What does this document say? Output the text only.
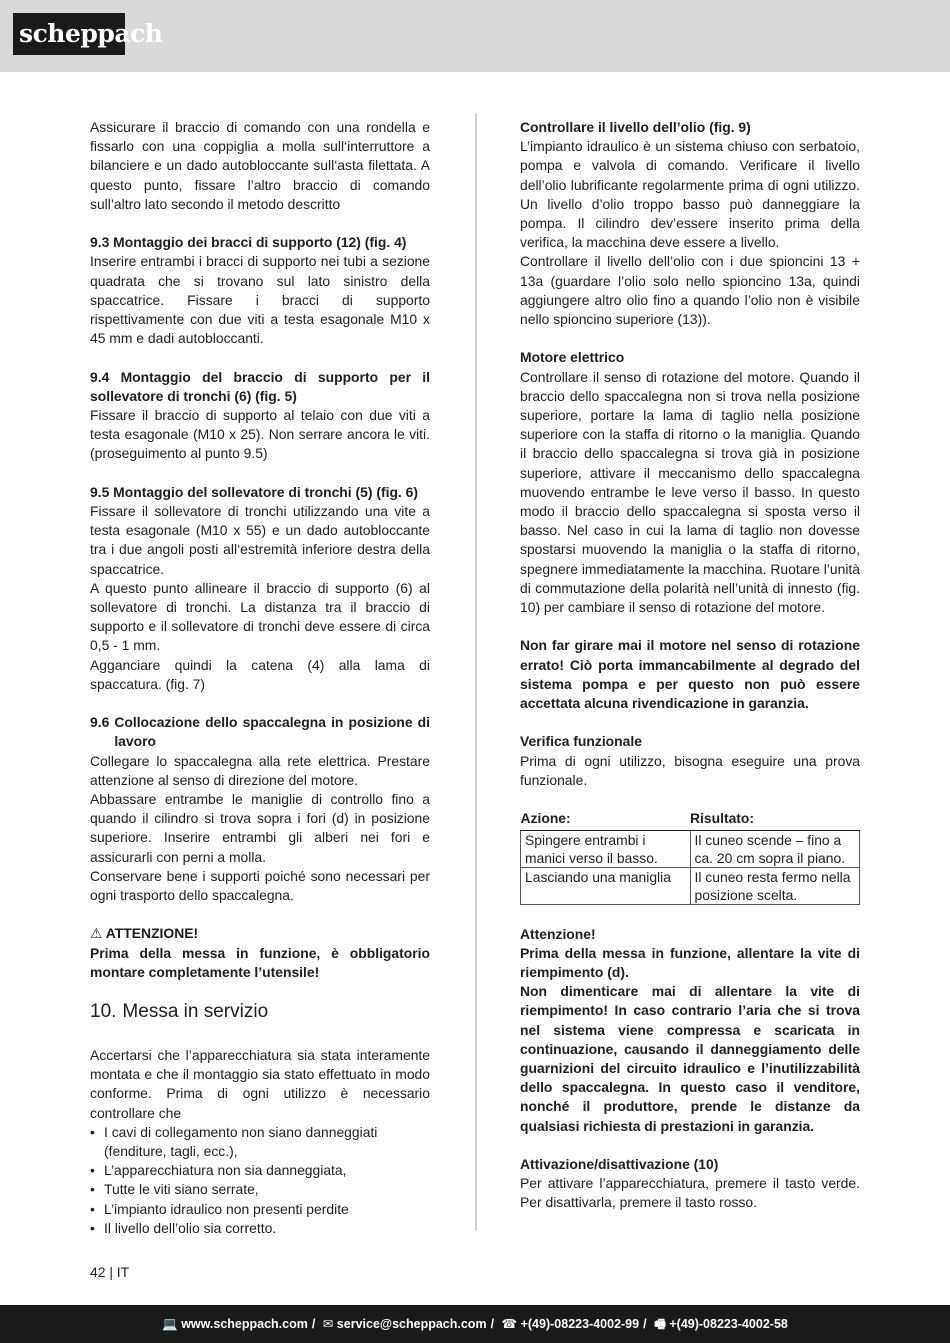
scheppach

Assicurare il braccio di comando con una rondella e fissarlo con una coppiglia a molla sull‘interruttore a bilanciere e un dado autobloccante sull‘asta filettata. A questo punto, fissare l’altro braccio di comando sull’altro lato secondo il metodo descritto

9.3 Montaggio dei bracci di supporto (12) (fig. 4)

Inserire entrambi i bracci di supporto nei tubi a sezione quadrata che si trovano sul lato sinistro della spaccatrice. Fissare i bracci di supporto rispettivamente con due viti a testa esagonale M10 x 45 mm e dadi autobloccanti.

9.4 Montaggio del braccio di supporto per il sollevatore di tronchi (6) (fig. 5)

Fissare il braccio di supporto al telaio con due viti a testa esagonale (M10 x 25). Non serrare ancora le viti. (proseguimento al punto 9.5)

9.5 Montaggio del sollevatore di tronchi (5) (fig. 6)

Fissare il sollevatore di tronchi utilizzando una vite a testa esagonale (M10 x 55) e un dado autobloccante tra i due angoli posti all‘estremità inferiore destra della spaccatrice.

A questo punto allineare il braccio di supporto (6) al sollevatore di tronchi. La distanza tra il braccio di supporto e il sollevatore di tronchi deve essere di circa 0,5 - 1 mm.

Agganciare quindi la catena (4) alla lama di spaccatura. (fig. 7)

9.6 Collocazione dello spaccalegna in posizione di lavoro

Collegare lo spaccalegna alla rete elettrica. Prestare attenzione al senso di direzione del motore.

Abbassare entrambe le maniglie di controllo fino a quando il cilindro si trova sopra i fori (d) in posizione superiore. Inserire entrambi gli alberi nei fori e assicurarli con perni a molla.

Conservare bene i supporti poiché sono necessari per ogni trasporto dello spaccalegna.

⚠ ATTENZIONE!

Prima della messa in funzione, è obbligatorio montare completamente l’utensile!

10. Messa in servizio

Accertarsi che l’apparecchiatura sia stata interamente montata e che il montaggio sia stato effettuato in modo conforme. Prima di ogni utilizzo è necessario controllare che

• I cavi di collegamento non siano danneggiati (fenditure, tagli, ecc.),
• L’apparecchiatura non sia danneggiata,
• Tutte le viti siano serrate,
• L’impianto idraulico non presenti perdite
• Il livello dell’olio sia corretto.

Controllare il livello dell’olio (fig. 9)

L’impianto idraulico è un sistema chiuso con serbatoio, pompa e valvola di comando. Verificare il livello dell’olio lubrificante regolarmente prima di ogni utilizzo. Un livello d’olio troppo basso può danneggiare la pompa. Il cilindro dev’essere inserito prima della verifica, la macchina deve essere a livello.

Controllare il livello dell’olio con i due spioncini 13 + 13a (guardare l’olio solo nello spioncino 13a, quindi aggiungere altro olio fino a quando l’olio non è visibile nello spioncino superiore (13)).

Motore elettrico

Controllare il senso di rotazione del motore. Quando il braccio dello spaccalegna non si trova nella posizione superiore, portare la lama di taglio nella posizione superiore con la staffa di ritorno o la maniglia. Quando il braccio dello spaccalegna si trova già in posizione superiore, attivare il meccanismo dello spaccalegna muovendo entrambe le leve verso il basso. In questo modo il braccio dello spaccalegna si sposta verso il basso. Nel caso in cui la lama di taglio non dovesse spostarsi muovendo la maniglia o la staffa di ritorno, spegnere immediatamente la macchina. Ruotare l’unità di commutazione della polarità nell’unità di innesto (fig. 10) per cambiare il senso di rotazione del motore.

Non far girare mai il motore nel senso di rotazione errato! Ciò porta immancabilmente al degrado del sistema pompa e per questo non può essere accettata alcuna rivendicazione in garanzia.

Verifica funzionale

Prima di ogni utilizzo, bisogna eseguire una prova funzionale.

Azione:	Risultato:
Spingere entrambi i manici verso il basso.	Il cuneo scende – fino a ca. 20 cm sopra il piano.
Lasciando una maniglia	Il cuneo resta fermo nella posizione scelta.

Attenzione!

Prima della messa in funzione, allentare la vite di riempimento (d).

Non dimenticare mai di allentare la vite di riempimento! In caso contrario l’aria che si trova nel sistema viene compressa e scaricata in continuazione, causando il danneggiamento delle guarnizioni del circuito idraulico e l’inutilizzabilità dello spaccalegna. In questo caso il venditore, nonché il produttore, prende le distanze da qualsiasi richiesta di prestazioni in garanzia.

Attivazione/disattivazione (10)

Per attivare l’apparecchiatura, premere il tasto verde. Per disattivarla, premere il tasto rosso.

42 | IT
💻 www.scheppach.com / ✉ service@scheppach.com / ☎ +(49)-08223-4002-99 / 🖷 +(49)-08223-4002-58
